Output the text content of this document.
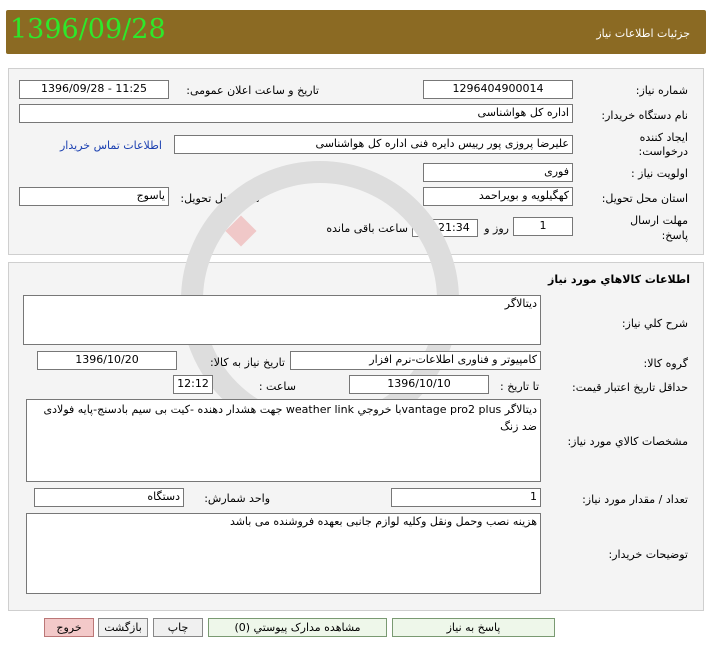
1396/09/28	جزئیات اطلاعات نیاز
شماره نیاز:
1296404900014
تاریخ و ساعت اعلان عمومی:
1396/09/28 - 11:25
نام دستگاه خریدار:
اداره کل هواشناسی
ایجاد کننده
درخواست:
علیرضا پروزی پور رییس دایره فنی اداره کل هواشناسی
اطلاعات تماس خریدار
اولویت نیاز :
فوری
استان محل تحویل:
کهگیلویه و بویراحمد
شهر محل تحویل:
یاسوج
مهلت ارسال
پاسخ:
1
روز و
00:21:34
ساعت باقی مانده
اطلاعات کالاهاي مورد نياز
شرح کلي نياز:
ديتالاگر
گروه کالا:
کامپیوتر و فناوری اطلاعات-نرم افزار
تاریخ نیاز به کالا:
1396/10/20
حداقل تاریخ اعتبار قیمت:
تا تاریخ :
1396/10/10
ساعت :
12:12
مشخصات کالاي مورد نياز:
ديتالاگر vantage pro2 plusبا خروجي weather link جهت هشدار دهنده -کيت بی سيم بادسنج-پايه فولادی ضد زنگ
تعداد / مقدار مورد نیاز:
1
واحد شمارش:
دستگاه
توضیحات خریدار:
هزينه نصب وحمل ونقل وکليه لوازم جانبی بعهده فروشنده می باشد
پاسخ به نیاز
مشاهده مدارک پیوستي (0)
چاپ
بازگشت
خروج
